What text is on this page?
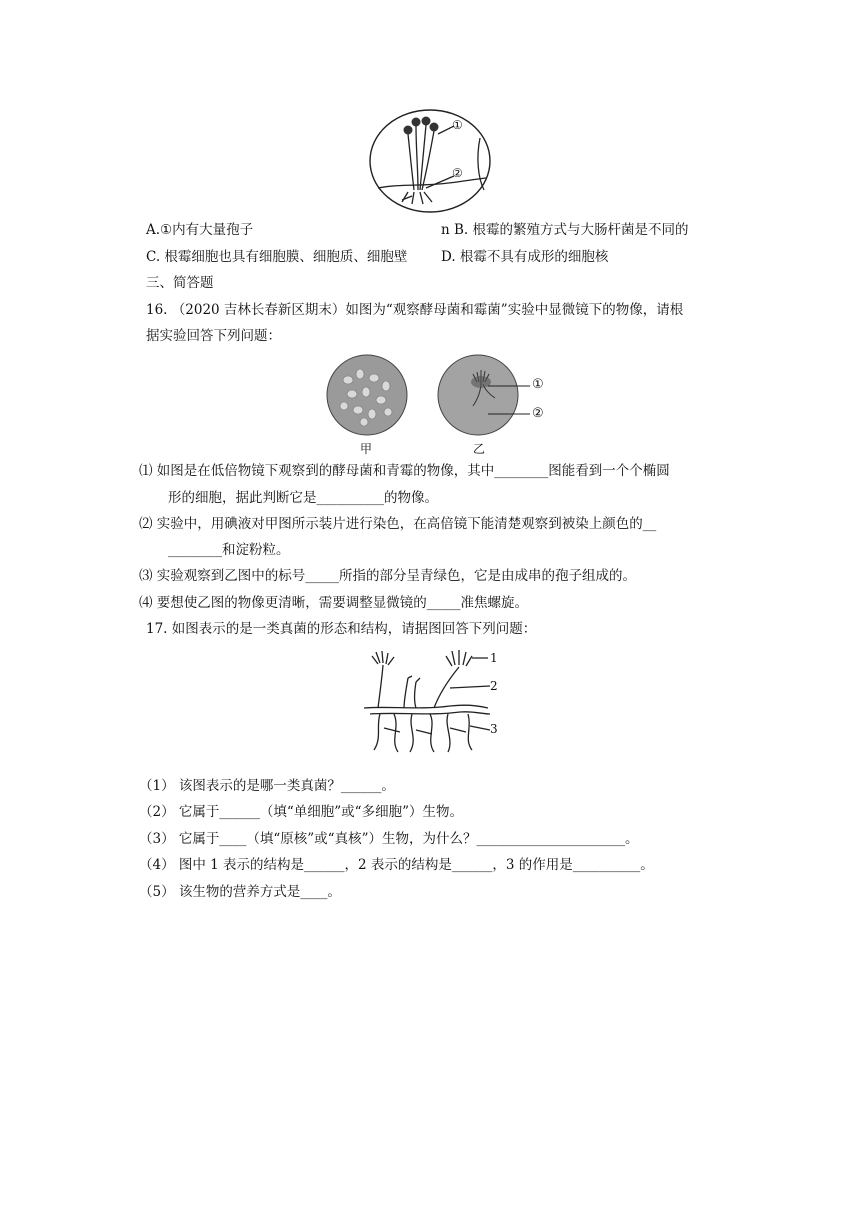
①
②
A.①内有大量孢子	n B. 根霉的繁殖方式与大肠杆菌是不同的
C. 根霉细胞也具有细胞膜、细胞质、细胞壁 D. 根霉不具有成形的细胞核
三、简答题
16. （2020 吉林长春新区期末）如图为“观察酵母菌和霉菌”实验中显微镜下的物像，请根
据实验回答下列问题：
①
②
甲	乙
⑴ 如图是在低倍物镜下观察到的酵母菌和青霉的物像，其中________图能看到一个个椭圆
形的细胞，据此判断它是__________的物像。
⑵ 实验中，用碘液对甲图所示装片进行染色，在高倍镜下能清楚观察到被染上颜色的__
________和淀粉粒。
⑶ 实验观察到乙图中的标号_____所指的部分呈青绿色，它是由成串的孢子组成的。
⑷ 要想使乙图的物像更清晰，需要调整显微镜的_____准焦螺旋。
17. 如图表示的是一类真菌的形态和结构，请据图回答下列问题：
1
2
3
（1） 该图表示的是哪一类真菌？______。
（2） 它属于______（填“单细胞”或“多细胞”）生物。
（3） 它属于____（填“原核”或“真核”）生物，为什么？______________________。
（4） 图中 1 表示的结构是______，2 表示的结构是______，3 的作用是__________。
（5） 该生物的营养方式是____。
